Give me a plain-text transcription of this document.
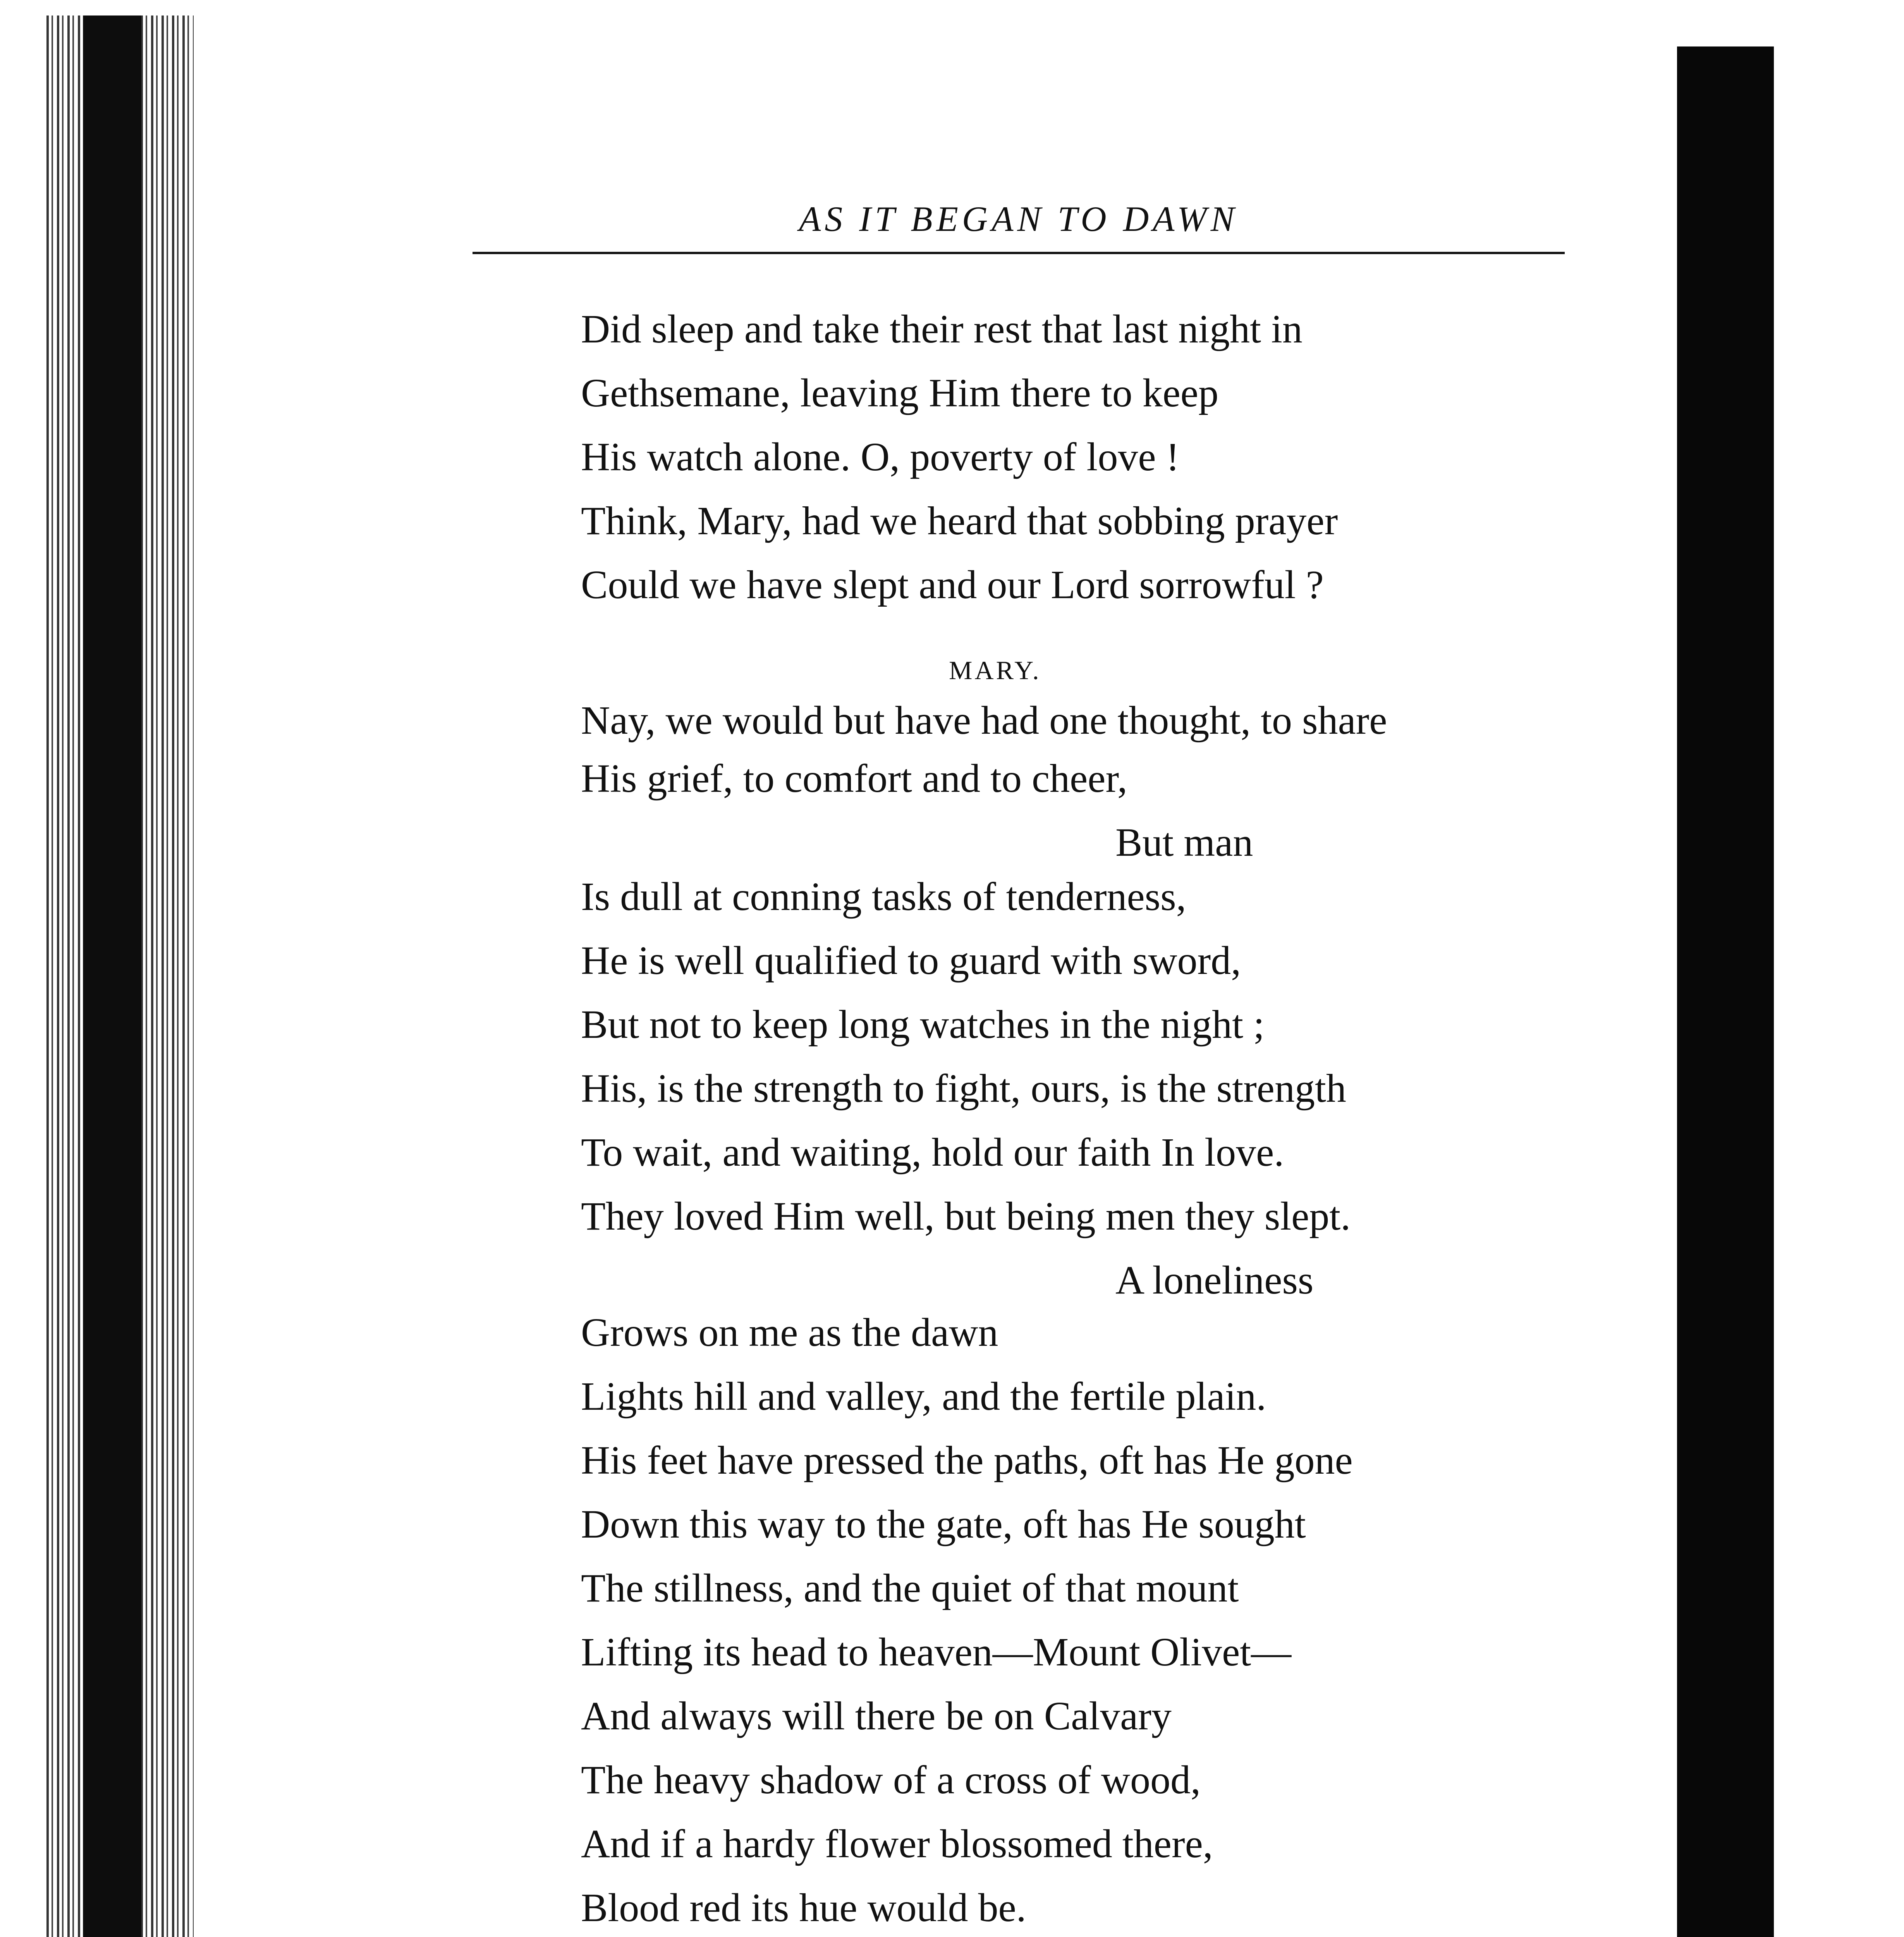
AS IT BEGAN TO DAWN
Did sleep and take their rest that last night in
Gethsemane, leaving Him there to keep
His watch alone. O, poverty of love !
Think, Mary, had we heard that sobbing prayer
Could we have slept and our Lord sorrowful ?
MARY.
Nay, we would but have had one thought, to share
His grief, to comfort and to cheer,
But man
Is dull at conning tasks of tenderness,
He is well qualified to guard with sword,
But not to keep long watches in the night ;
His, is the strength to fight, ours, is the strength
To wait, and waiting, hold our faith In love.
They loved Him well, but being men they slept.
A loneliness
Grows on me as the dawn
Lights hill and valley, and the fertile plain.
His feet have pressed the paths, oft has He gone
Down this way to the gate, oft has He sought
The stillness, and the quiet of that mount
Lifting its head to heaven—Mount Olivet—
And always will there be on Calvary
The heavy shadow of a cross of wood,
And if a hardy flower blossomed there,
Blood red its hue would be.
